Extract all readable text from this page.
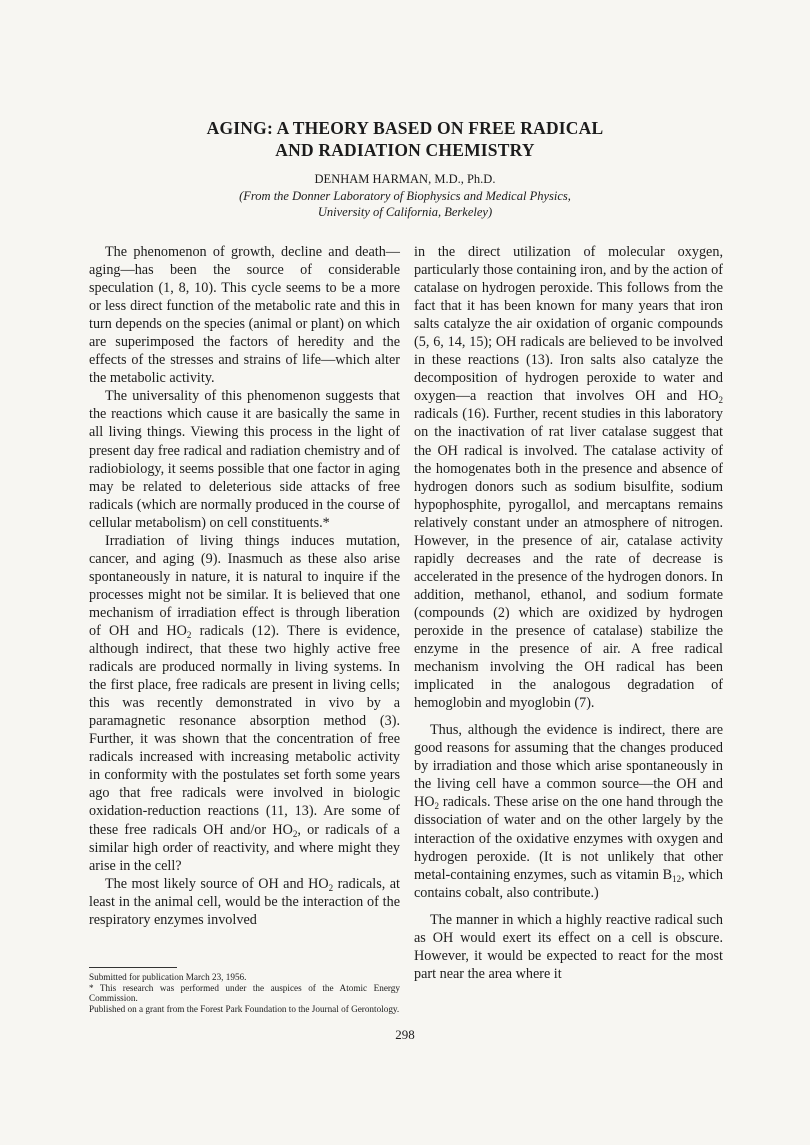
AGING: A THEORY BASED ON FREE RADICAL
AND RADIATION CHEMISTRY
DENHAM HARMAN, M.D., Ph.D.
(From the Donner Laboratory of Biophysics and Medical Physics,
University of California, Berkeley)

The phenomenon of growth, decline and death—aging—has been the source of considerable speculation (1, 8, 10). This cycle seems to be a more or less direct function of the metabolic rate and this in turn depends on the species (animal or plant) on which are superimposed the factors of heredity and the effects of the stresses and strains of life—which alter the metabolic activity.

The universality of this phenomenon suggests that the reactions which cause it are basically the same in all living things. Viewing this process in the light of present day free radical and radiation chemistry and of radiobiology, it seems possible that one factor in aging may be related to deleterious side attacks of free radicals (which are normally produced in the course of cellular metabolism) on cell constituents.*

Irradiation of living things induces mutation, cancer, and aging (9). Inasmuch as these also arise spontaneously in nature, it is natural to inquire if the processes might not be similar. It is believed that one mechanism of irradiation effect is through liberation of OH and $HO_2$ radicals (12). There is evidence, although indirect, that these two highly active free radicals are produced normally in living systems. In the first place, free radicals are present in living cells; this was recently demonstrated in vivo by a paramagnetic resonance absorption method (3). Further, it was shown that the concentration of free radicals increased with increasing metabolic activity in conformity with the postulates set forth some years ago that free radicals were involved in biologic oxidation-reduction reactions (11, 13). Are some of these free radicals OH and/or $HO_2$, or radicals of a similar high order of reactivity, and where might they arise in the cell?

The most likely source of OH and $HO_2$ radicals, at least in the animal cell, would be the interaction of the respiratory enzymes involved

Submitted for publication March 23, 1956.

* This research was performed under the auspices of the Atomic Energy Commission.

Published on a grant from the Forest Park Foundation to the Journal of Gerontology.

in the direct utilization of molecular oxygen, particularly those containing iron, and by the action of catalase on hydrogen peroxide. This follows from the fact that it has been known for many years that iron salts catalyze the air oxidation of organic compounds (5, 6, 14, 15); OH radicals are believed to be involved in these reactions (13). Iron salts also catalyze the decomposition of hydrogen peroxide to water and oxygen—a reaction that involves OH and $HO_2$ radicals (16). Further, recent studies in this laboratory on the inactivation of rat liver catalase suggest that the OH radical is involved. The catalase activity of the homogenates both in the presence and absence of hydrogen donors such as sodium bisulfite, sodium hypophosphite, pyrogallol, and mercaptans remains relatively constant under an atmosphere of nitrogen. However, in the presence of air, catalase activity rapidly decreases and the rate of decrease is accelerated in the presence of the hydrogen donors. In addition, methanol, ethanol, and sodium formate (compounds (2) which are oxidized by hydrogen peroxide in the presence of catalase) stabilize the enzyme in the presence of air. A free radical mechanism involving the OH radical has been implicated in the analogous degradation of hemoglobin and myoglobin (7).

Thus, although the evidence is indirect, there are good reasons for assuming that the changes produced by irradiation and those which arise spontaneously in the living cell have a common source—the OH and $HO_2$ radicals. These arise on the one hand through the dissociation of water and on the other largely by the interaction of the oxidative enzymes with oxygen and hydrogen peroxide. (It is not unlikely that other metal-containing enzymes, such as vitamin $B_{12}$, which contains cobalt, also contribute.)

The manner in which a highly reactive radical such as OH would exert its effect on a cell is obscure. However, it would be expected to react for the most part near the area where it

298
